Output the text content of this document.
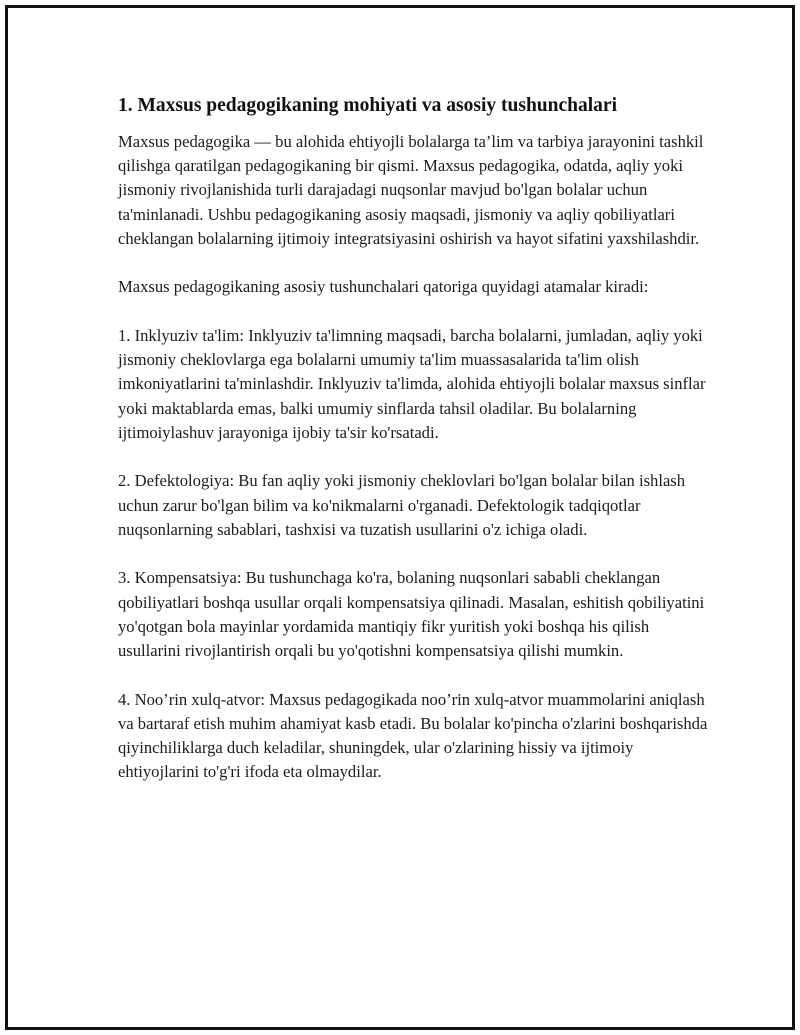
1. Maxsus pedagogikaning mohiyati va asosiy tushunchalari

Maxsus pedagogika — bu alohida ehtiyojli bolalarga ta’lim va tarbiya jarayonini tashkil qilishga qaratilgan pedagogikaning bir qismi. Maxsus pedagogika, odatda, aqliy yoki jismoniy rivojlanishida turli darajadagi nuqsonlar mavjud bo'lgan bolalar uchun ta'minlanadi. Ushbu pedagogikaning asosiy maqsadi, jismoniy va aqliy qobiliyatlari cheklangan bolalarning ijtimoiy integratsiyasini oshirish va hayot sifatini yaxshilashdir.

Maxsus pedagogikaning asosiy tushunchalari qatoriga quyidagi atamalar kiradi:

1. Inklyuziv ta'lim: Inklyuziv ta'limning maqsadi, barcha bolalarni, jumladan, aqliy yoki jismoniy cheklovlarga ega bolalarni umumiy ta'lim muassasalarida ta'lim olish imkoniyatlarini ta'minlashdir. Inklyuziv ta'limda, alohida ehtiyojli bolalar maxsus sinflar yoki maktablarda emas, balki umumiy sinflarda tahsil oladilar. Bu bolalarning ijtimoiylashuv jarayoniga ijobiy ta'sir ko'rsatadi.

2. Defektologiya: Bu fan aqliy yoki jismoniy cheklovlari bo'lgan bolalar bilan ishlash uchun zarur bo'lgan bilim va ko'nikmalarni o'rganadi. Defektologik tadqiqotlar nuqsonlarning sabablari, tashxisi va tuzatish usullarini o'z ichiga oladi.

3. Kompensatsiya: Bu tushunchaga ko'ra, bolaning nuqsonlari sababli cheklangan qobiliyatlari boshqa usullar orqali kompensatsiya qilinadi. Masalan, eshitish qobiliyatini yo'qotgan bola mayinlar yordamida mantiqiy fikr yuritish yoki boshqa his qilish usullarini rivojlantirish orqali bu yo'qotishni kompensatsiya qilishi mumkin.

4. Noo’rin xulq-atvor: Maxsus pedagogikada noo’rin xulq-atvor muammolarini aniqlash va bartaraf etish muhim ahamiyat kasb etadi. Bu bolalar ko'pincha o'zlarini boshqarishda qiyinchiliklarga duch keladilar, shuningdek, ular o'zlarining hissiy va ijtimoiy ehtiyojlarini to'g'ri ifoda eta olmaydilar.
